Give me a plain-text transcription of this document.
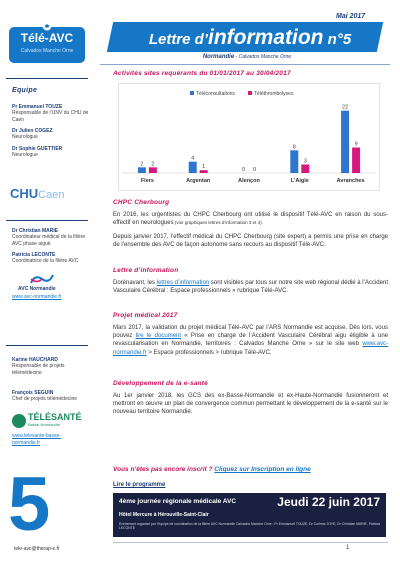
Télé-AVC
Calvados Manche Orne
Equipe
Pr Emmanuel TOUZE
Responsable de l’UNV du CHU de Caen
Dr Julien COGEZ
Neurologue
Dr Sophie GUETTIER
Neurologue
CHUCaen
Dr Christian MARIE
Coordinateur médical de la filière AVC phase aiguë
Patricia LECONTE
Coordinatrice de la filière AVC
AVC Normandie
www.avc-normandie.fr
Karine HAUCHARD
Responsable de projets télémédecine
François SEGUIN
Chef de projets télémédecine
TÉLÉSANTÉ
Basse-Normandie
www.telesante-basse-
normandie.fr
5
tele-avc@therap-e.fr
Mai 2017
Lettre d’information n°5
Normandie - Calvados Manche Orne
Activités sites requérants du 01/01/2017 au 30/04/2017
Téléconsultations	Téléthrombolyses
2 2
Flers
4
1
Argentan
0 0
Alençon
8
3
L’Aigle
22
9
Avranches
CHPC Cherbourg
En 2016, les urgentistes du CHPC Cherbourg ont utilisé le dispositif Télé-AVC en raison du sous-effectif en neurologues (voir graphiques lettres d’information 3 et 4).
Depuis janvier 2017, l’effectif médical du CHPC Cherbourg (site expert) a permis une prise en charge de l’ensemble des AVC de façon autonome sans recours au dispositif Télé-AVC.
Lettre d’information
Dorénavant, les lettres d’information sont visibles par tous sur notre site web régional dédié à l’Accident Vasculaire Cérébral : Espace professionnels » rubrique Télé-AVC.
Projet médical 2017
Mars 2017, la validation du projet médical Télé-AVC par l’ARS Normandie est acquise. Dès lors, vous pouvez lire le document « Prise en charge de l’Accident Vasculaire Cérébral aigu éligible à une revascularisation en Normandie, territoires : Calvados Manche Orne » sur le site web www.avc-normandie.fr > Espace professionnels > rubrique Télé-AVC.
Développement de la e-santé
Au 1er janvier 2018, les GCS des ex-Basse-Normandie et ex-Haute-Normandie fusionneront et mettront en œuvre un plan de convergence commun permettant le développement de la e-santé sur le nouveau territoire Normandie.
Vous n’êtes pas encore inscrit ? Cliquez sur Inscription en ligne
Lire le programme
4ème journée régionale médicale AVC	Jeudi 22 juin 2017
Hôtel Mercure à Hérouville-Saint-Clair
Evènement organisé par l’équipe de coordination de la filière AVC Normandie Calvados Manche Orne : Pr Emmanuel TOUZE, Dr Corinne JOYE, Dr Christian MARIE, Patricia LECONTE
1
